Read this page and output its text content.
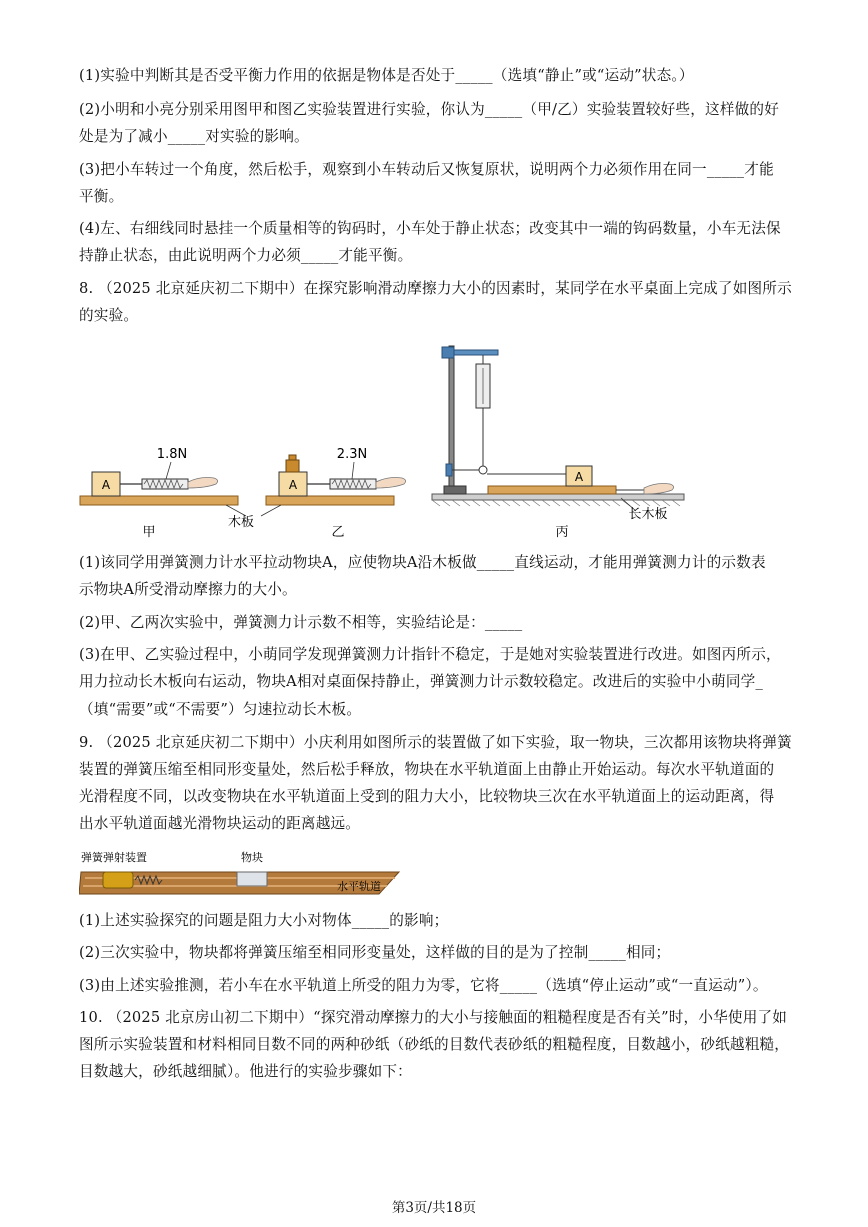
(1)实验中判断其是否受平衡力作用的依据是物体是否处于_____（选填“静止”或“运动”状态。）
(2)小明和小亮分别采用图甲和图乙实验装置进行实验，你认为_____（甲/乙）实验装置较好些，这样做的好
处是为了减小_____对实验的影响。
(3)把小车转过一个角度，然后松手，观察到小车转动后又恢复原状，说明两个力必须作用在同一_____才能
平衡。
(4)左、右细线同时悬挂一个质量相等的钩码时，小车处于静止状态；改变其中一端的钩码数量，小车无法保
持静止状态，由此说明两个力必须_____才能平衡。
8. （2025 北京延庆初二下期中）在探究影响滑动摩擦力大小的因素时，某同学在水平桌面上完成了如图所示
的实验。
(1)该同学用弹簧测力计水平拉动物块A，应使物块A沿木板做_____直线运动，才能用弹簧测力计的示数表
示物块A所受滑动摩擦力的大小。
(2)甲、乙两次实验中，弹簧测力计示数不相等，实验结论是：_____
(3)在甲、乙实验过程中，小萌同学发现弹簧测力计指针不稳定，于是她对实验装置进行改进。如图丙所示，
用力拉动长木板向右运动，物块A相对桌面保持静止，弹簧测力计示数较稳定。改进后的实验中小萌同学_
（填“需要”或“不需要”）匀速拉动长木板。
9. （2025 北京延庆初二下期中）小庆利用如图所示的装置做了如下实验，取一物块，三次都用该物块将弹簧
装置的弹簧压缩至相同形变量处，然后松手释放，物块在水平轨道面上由静止开始运动。每次水平轨道面的
光滑程度不同，以改变物块在水平轨道面上受到的阻力大小，比较物块三次在水平轨道面上的运动距离，得
出水平轨道面越光滑物块运动的距离越远。
(1)上述实验探究的问题是阻力大小对物体_____的影响；
(2)三次实验中，物块都将弹簧压缩至相同形变量处，这样做的目的是为了控制_____相同；
(3)由上述实验推测，若小车在水平轨道上所受的阻力为零，它将_____（选填“停止运动”或“一直运动”）。
10. （2025 北京房山初二下期中）“探究滑动摩擦力的大小与接触面的粗糙程度是否有关”时，小华使用了如
图所示实验装置和材料相同目数不同的两种砂纸（砂纸的目数代表砂纸的粗糙程度，目数越小，砂纸越粗糙，
目数越大，砂纸越细腻）。他进行的实验步骤如下：
A
1.8N
甲
A
2.3N
乙
木板
A
长木板
丙
弹簧弹射装置	物块
水平轨道
第3页/共18页
